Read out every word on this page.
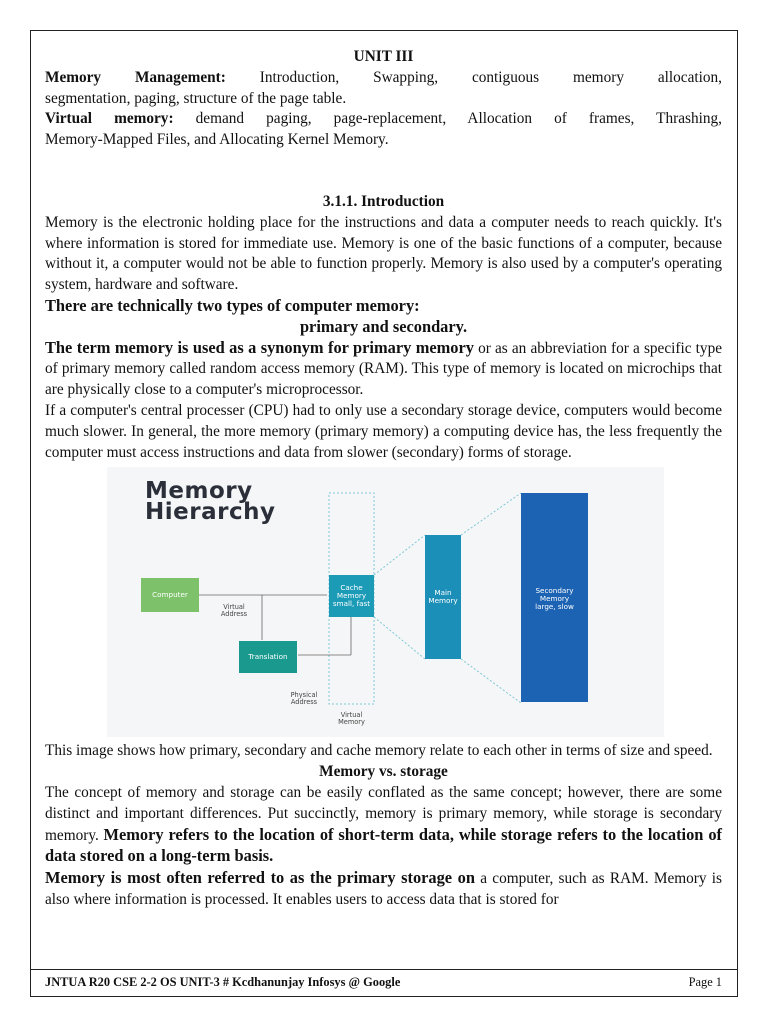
UNIT III

Memory Management: Introduction, Swapping, contiguous memory allocation,

segmentation, paging, structure of the page table.

Virtual memory: demand paging, page-replacement, Allocation of frames, Thrashing,

Memory-Mapped Files, and Allocating Kernel Memory.

3.1.1. Introduction

Memory is the electronic holding place for the instructions and data a computer needs to reach quickly. It's where information is stored for immediate use. Memory is one of the basic functions of a computer, because without it, a computer would not be able to function properly. Memory is also used by a computer's operating system, hardware and software.

There are technically two types of computer memory:

primary and secondary.

The term memory is used as a synonym for primary memory or as an abbreviation for a specific type of primary memory called random access memory (RAM). This type of memory is located on microchips that are physically close to a computer's microprocessor.

If a computer's central processer (CPU) had to only use a secondary storage device, computers would become much slower. In general, the more memory (primary memory) a computing device has, the less frequently the computer must access instructions and data from slower (secondary) forms of storage.

Memory
Hierarchy
Computer

Virtual
Address

Translation

Physical
Address

Virtual
Memory

Cache
Memory
small, fast
Main
Memory
Secondary
Memory
large, slow

This image shows how primary, secondary and cache memory relate to each other in terms of size and speed.

Memory vs. storage

The concept of memory and storage can be easily conflated as the same concept; however, there are some distinct and important differences. Put succinctly, memory is primary memory, while storage is secondary memory. Memory refers to the location of short-term data, while storage refers to the location of data stored on a long-term basis.

Memory is most often referred to as the primary storage on a computer, such as RAM. Memory is also where information is processed. It enables users to access data that is stored for

JNTUA R20 CSE 2-2 OS UNIT-3 # Kcdhanunjay Infosys @ Google	Page 1
